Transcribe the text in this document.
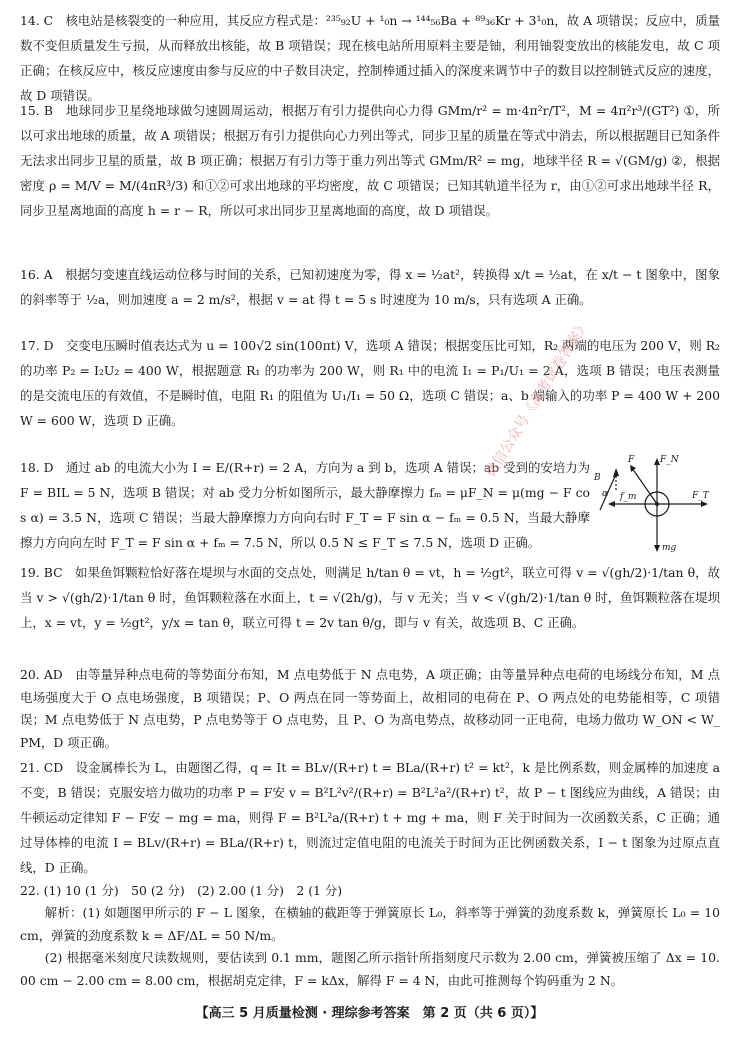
14. C　核电站是核裂变的一种应用，其反应方程式是：²³⁵₉₂U + ¹₀n → ¹⁴⁴₅₆Ba + ⁸⁹₃₆Kr + 3¹₀n，故 A 项错误；反应中，质量数不变但质量发生亏损，从而释放出核能，故 B 项错误；现在核电站所用原料主要是铀，利用铀裂变放出的核能发电，故 C 项正确；在核反应中，核反应速度由参与反应的中子数目决定，控制棒通过插入的深度来调节中子的数目以控制链式反应的速度，故 D 项错误。
15. B　地球同步卫星绕地球做匀速圆周运动，根据万有引力提供向心力得 GMm/r² = m·4π²r/T²，M = 4π²r³/(GT²) ①，所以可求出地球的质量，故 A 项错误；根据万有引力提供向心力列出等式，同步卫星的质量在等式中消去，所以根据题目已知条件无法求出同步卫星的质量，故 B 项正确；根据万有引力等于重力列出等式 GMm/R² = mg，地球半径 R = √(GM/g) ②，根据密度 ρ = M/V = M/(4πR³/3) 和①②可求出地球的平均密度，故 C 项错误；已知其轨道半径为 r，由①②可求出地球半径 R，同步卫星离地面的高度 h = r − R，所以可求出同步卫星离地面的高度，故 D 项错误。
16. A　根据匀变速直线运动位移与时间的关系，已知初速度为零，得 x = ½at²，转换得 x/t = ½at，在 x/t − t 图象中，图象的斜率等于 ½a，则加速度 a = 2 m/s²，根据 v = at 得 t = 5 s 时速度为 10 m/s，只有选项 A 正确。
17. D　交变电压瞬时值表达式为 u = 100√2 sin(100πt) V，选项 A 错误；根据变压比可知，R₂ 两端的电压为 200 V，则 R₂ 的功率 P₂ = I₂U₂ = 400 W，根据题意 R₁ 的功率为 200 W，则 R₁ 中的电流 I₁ = P₁/U₁ = 2 A，选项 B 错误；电压表测量的是交流电压的有效值，不是瞬时值，电阻 R₁ 的阻值为 U₁/I₁ = 50 Ω，选项 C 错误；a、b 端输入的功率 P = 400 W + 200 W = 600 W，选项 D 正确。
18. D　通过 ab 的电流大小为 I = E/(R+r) = 2 A，方向为 a 到 b，选项 A 错误；ab 受到的安培力为 F = BIL = 5 N，选项 B 错误；对 ab 受力分析如图所示，最大静摩擦力 fₘ = μF_N = μ(mg − F cos α) = 3.5 N，选项 C 错误；当最大静摩擦力方向向右时 F_T = F sin α − fₘ = 0.5 N，当最大静摩擦力方向向左时 F_T = F sin α + fₘ = 7.5 N，所以 0.5 N ≤ F_T ≤ 7.5 N，选项 D 正确。
19. BC　如果鱼饵颗粒恰好落在堤坝与水面的交点处，则满足 h/tan θ = vt，h = ½gt²，联立可得 v = √(gh/2)·1/tan θ，故当 v > √(gh/2)·1/tan θ 时，鱼饵颗粒落在水面上，t = √(2h/g)，与 v 无关；当 v < √(gh/2)·1/tan θ 时，鱼饵颗粒落在堤坝上，x = vt，y = ½gt²，y/x = tan θ，联立可得 t = 2v tan θ/g，即与 v 有关，故选项 B、C 正确。
20. AD　由等量异种点电荷的等势面分布知，M 点电势低于 N 点电势，A 项正确；由等量异种点电荷的电场线分布知，M 点电场强度大于 O 点电场强度，B 项错误；P、O 两点在同一等势面上，故相同的电荷在 P、O 两点处的电势能相等，C 项错误；M 点电势低于 N 点电势，P 点电势等于 O 点电势，且 P、O 为高电势点，故移动同一正电荷，电场力做功 W_ON < W_PM，D 项正确。
21. CD　设金属棒长为 L，由题图乙得，q = It = BLv/(R+r) t = BLa/(R+r) t² = kt²，k 是比例系数，则金属棒的加速度 a 不变，B 错误；克服安培力做功的功率 P = F安 v = B²L²v²/(R+r) = B²L²a²/(R+r) t²，故 P − t 图线应为曲线，A 错误；由牛顿运动定律知 F − F安 − mg = ma，则得 F = B²L²a/(R+r) t + mg + ma，则 F 关于时间为一次函数关系，C 正确；通过导体棒的电流 I = BLv/(R+r) = BLa/(R+r) t，则流过定值电阻的电流关于时间为正比例函数关系，I − t 图象为过原点直线，D 正确。
22. (1) 10 (1 分)　50 (2 分)　(2) 2.00 (1 分)　2 (1 分)
解析：(1) 如题图甲所示的 F − L 图象，在横轴的截距等于弹簧原长 L₀，斜率等于弹簧的劲度系数 k，弹簧原长 L₀ = 10 cm，弹簧的劲度系数 k = ΔF/ΔL = 50 N/m。
(2) 根据毫米刻度尺读数规则，要估读到 0.1 mm，题图乙所示指针所指刻度尺示数为 2.00 cm，弹簧被压缩了 Δx = 10.00 cm − 2.00 cm = 8.00 cm，根据胡克定律，F = kΔx，解得 F = 4 N，由此可推测每个钩码重为 2 N。
F	F_N
B
α f_m	F_T
mg
微信公众号《高考试卷答案》
【高三 5 月质量检测 · 理综参考答案　第 2 页（共 6 页）】
